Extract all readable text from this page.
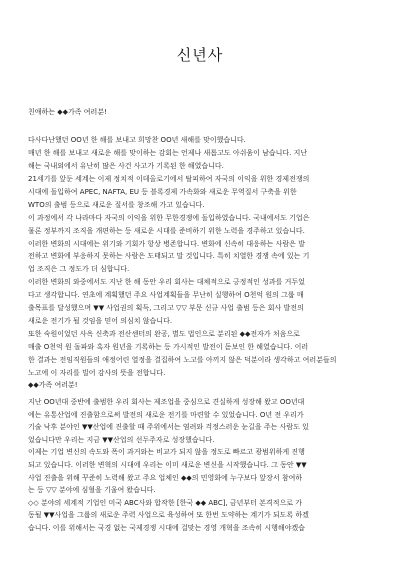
신년사
친애하는 ◆◆가족 여러분!
다사다난했던 OO년 한 해를 보내고 희망찬 OO년 새해를 맞이했습니다.
매년 한 해를 보내고 새로운 해를 맞이하는 감회는 언제나 새롭고도 아쉬움이 남습니다. 지난
해는 국내외에서 유난히 많은 사건 사고가 기록된 한 해였습니다.
21세기를 앞둔 세계는 이제 정치적 이데올로기에서 탈피하여 자국의 이익을 위한 경제전쟁의
시대에 돌입하여 APEC, NAFTA, EU 등 블록경제 가속화와 새로운 무역질서 구축을 위한
WTO의 출범 등으로 새로운 질서를 창조해 가고 있습니다.
이 과정에서 각 나라마다 자국의 이익을 위한 무한경쟁에 돌입하였습니다. 국내에서도 기업은
물론 정부까지 조직을 개편하는 등 새로운 시대를 준비하기 위한 노력을 경주하고 있습니다.
이러한 변화의 시대에는 위기와 기회가 항상 병존합니다. 변화에 신속히 대응하는 사람은 발
전하고 변화에 부응하지 못하는 사람은 도태되고 말 것입니다. 특히 치열한 경쟁 속에 있는 기
업 조직은 그 정도가 더 심합니다.
이러한 변화의 와중에서도 지난 한 해 동안 우리 회사는 대체적으로 긍정적인 성과를 거두었
다고 생각합니다. 연초에 계획했던 주요 사업계획들을 무난히 실행하여 O천억 원의 그룹 매
출목표를 달성했으며 ▼▼ 사업권의 획득, 그리고 ▽▽ 부문 신규 사업 출범 등은 회사 발전의
새로운 전기가 될 것임을 믿어 의심치 않습니다.
또한 숙원이었던 사옥 신축과 전산센터의 완공, 별도 법인으로 분리된 ◆◆전자가 처음으로
매출 O천억 원 돌파와 흑자 원년을 기록하는 등 가시적인 발전이 돋보인 한 해였습니다. 이러
한 결과는 전임직원들의 애정어린 열정을 결집하여 노고를 아끼지 않은 덕분이라 생각하고 여러분들의
노고에 이 자리를 빌어 감사의 뜻을 전합니다.
◆◆가족 여러분!
지난 OO년대 중반에 출범한 우리 회사는 제조업을 중심으로 견실하게 성장해 왔고 OO년대
에는 유통산업에 진출함으로써 발전의 새로운 전기를 마련할 수 있었습니다. O년 전 우리가
기술 낙후 분야인 ▼▼산업에 진출할 때 주위에서는 염려와 걱정스러운 눈길을 주는 사람도 있
었습니다만 우리는 지금 ▼▼산업의 선두주자로 성장했습니다.
이제는 기업 변신의 속도와 폭이 과거와는 비교가 되지 않을 정도로 빠르고 광범위하게 진행
되고 있습니다. 이러한 변혁의 시대에 우리는 이미 새로운 변신을 시작했습니다. 그 동안 ▼▼
사업 진출을 위해 꾸준히 노력해 왔고 주요 업체인 ◆◆의 민영화에 누구보다 앞장서 참여하
는 등 ▽▽ 분야에 심혈을 기울여 왔습니다.
◇◇ 분야의 세계적 기업인 미국 ABC사와 합작한 [한국 ◆◆ ABC], 금년부터 본격적으로 가
동될 ▼▼사업을 그룹의 새로운 주력 사업으로 육성하여 또 한번 도약하는 계기가 되도록 하겠
습니다. 이를 위해서는 국경 없는 국제경쟁 시대에 걸맞는 경영 개혁을 조속히 시행해야겠습
